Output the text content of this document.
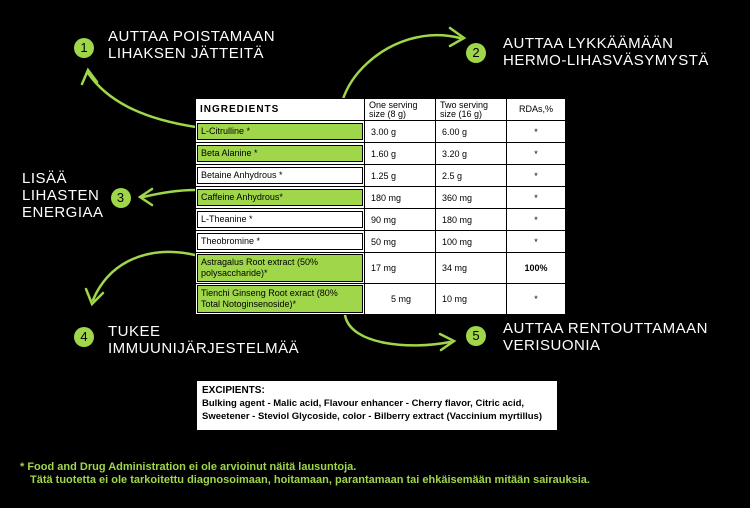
1
AUTTAA POISTAMAAN
LIHAKSEN JÄTTEITÄ	2
AUTTAA LYKKÄÄMÄÄN
HERMO-LIHASVÄSYMYSTÄ
LISÄÄ
LIHASTEN
ENERGIAA
3
4	TUKEE
IMMUUNIJÄRJESTELMÄÄ
5	AUTTAA RENTOUTTAMAAN
VERISUONIA
INGREDIENTS	One serving size (8 g)	Two serving size (16 g)	RDAs,%

L-Citrulline *	3.00 g	6.00 g	*

Beta Alanine *	1.60 g	3.20 g	*

Betaine Anhydrous *	1.25 g	2.5 g	*

Caffeine Anhydrous*	180 mg	360 mg	*

L-Theanine *	90 mg	180 mg	*

Theobromine *	50 mg	100 mg	*

Astragalus Root extract (50% polysaccharide)*	17 mg	34 mg	100%

Tienchi Ginseng Root exract (80% Total Notoginsenoside)*	5 mg	10 mg	*
EXCIPIENTS:
Bulking agent - Malic acid, Flavour enhancer - Cherry flavor, Citric acid,
Sweetener - Steviol Glycoside, color - Bilberry extract (Vaccinium myrtillus)
* Food and Drug Administration ei ole arvioinut näitä lausuntoja.
Tätä tuotetta ei ole tarkoitettu diagnosoimaan, hoitamaan, parantamaan tai ehkäisemään mitään sairauksia.
